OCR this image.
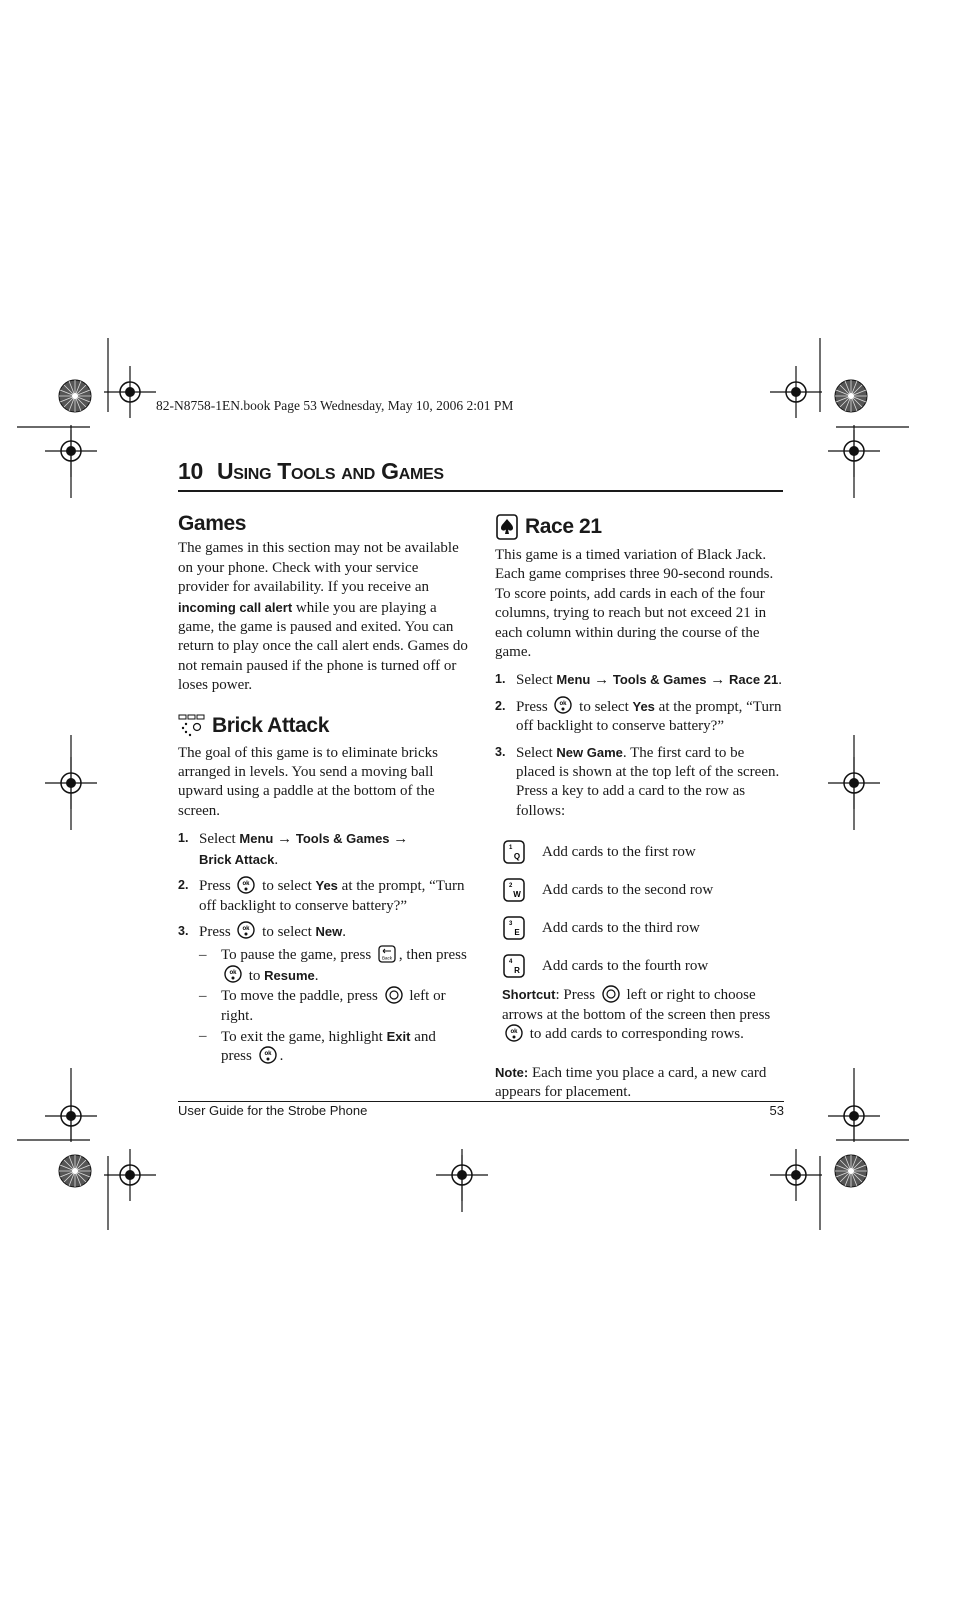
82-N8758-1EN.book Page 53 Wednesday, May 10, 2006 2:01 PM
10 Using Tools and Games
Games

The games in this section may not be available on your phone. Check with your service provider for availability. If you receive an incoming call alert while you are playing a game, the game is paused and exited. You can return to play once the call alert ends. Games do not remain paused if the phone is turned off or loses power.

Brick Attack

The goal of this game is to eliminate bricks arranged in levels. You send a moving ball upward using a paddle at the bottom of the screen.

1. Select Menu → Tools & Games →
Brick Attack.
2. Press ok to select Yes at the prompt, “Turn off backlight to conserve battery?”
3. Press ok to select New.
– To pause the game, press Back , then press

ok to Resume.
– To move the paddle, press left or right.
– To exit the game, highlight Exit and press ok .
Race 21

This game is a timed variation of Black Jack. Each game comprises three 90-second rounds. To score points, add cards in each of the four columns, trying to reach but not exceed 21 in each column within during the course of the game.

1. Select Menu → Tools & Games → Race 21.
2. Press ok to select Yes at the prompt, “Turn off backlight to conserve battery?”
3. Select New Game. The first card to be placed is shown at the top left of the screen. Press a key to add a card to the row as follows:
1
Q Add cards to the first row
2
W Add cards to the second row
3
E Add cards to the third row
4
R Add cards to the fourth row

Shortcut: Press left or right to choose arrows at the bottom of the screen then press

ok to add cards to corresponding rows.

Note: Each time you place a card, a new card appears for placement.

User Guide for the Strobe Phone	53
